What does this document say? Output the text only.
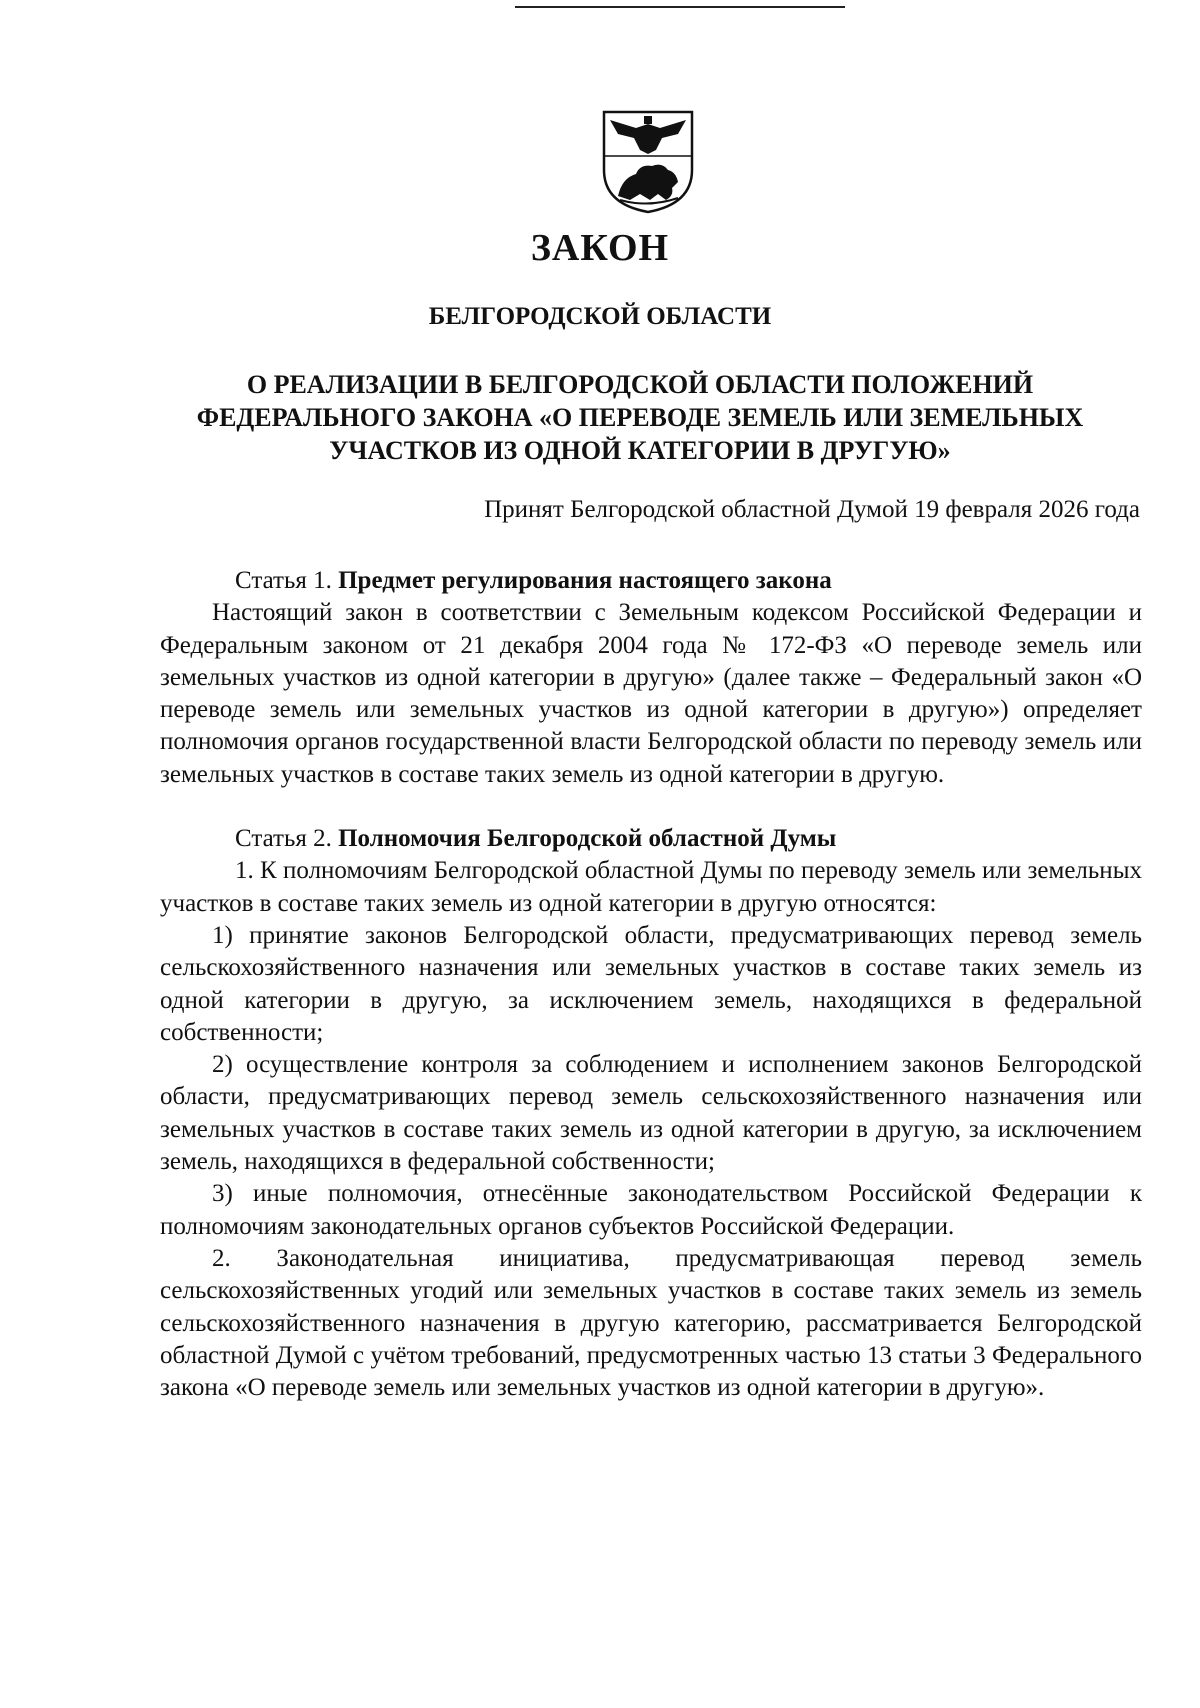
ЗАКОН
БЕЛГОРОДСКОЙ ОБЛАСТИ
О РЕАЛИЗАЦИИ В БЕЛГОРОДСКОЙ ОБЛАСТИ ПОЛОЖЕНИЙ ФЕДЕРАЛЬНОГО ЗАКОНА «О ПЕРЕВОДЕ ЗЕМЕЛЬ ИЛИ ЗЕМЕЛЬНЫХ УЧАСТКОВ ИЗ ОДНОЙ КАТЕГОРИИ В ДРУГУЮ»
Принят Белгородской областной Думой 19 февраля 2026 года

Статья 1. Предмет регулирования настоящего закона

Настоящий закон в соответствии с Земельным кодексом Российской Федерации и Федеральным законом от 21 декабря 2004 года № 172-ФЗ «О переводе земель или земельных участков из одной категории в другую» (далее также – Федеральный закон «О переводе земель или земельных участков из одной категории в другую») определяет полномочия органов государственной власти Белгородской области по переводу земель или земельных участков в составе таких земель из одной категории в другую.

Статья 2. Полномочия Белгородской областной Думы

1. К полномочиям Белгородской областной Думы по переводу земель или земельных участков в составе таких земель из одной категории в другую относятся:

1) принятие законов Белгородской области, предусматривающих перевод земель сельскохозяйственного назначения или земельных участков в составе таких земель из одной категории в другую, за исключением земель, находящихся в федеральной собственности;

2) осуществление контроля за соблюдением и исполнением законов Белгородской области, предусматривающих перевод земель сельскохозяйственного назначения или земельных участков в составе таких земель из одной категории в другую, за исключением земель, находящихся в федеральной собственности;

3) иные полномочия, отнесённые законодательством Российской Федерации к полномочиям законодательных органов субъектов Российской Федерации.

2. Законодательная инициатива, предусматривающая перевод земель сельскохозяйственных угодий или земельных участков в составе таких земель из земель сельскохозяйственного назначения в другую категорию, рассматривается Белгородской областной Думой с учётом требований, предусмотренных частью 13 статьи 3 Федерального закона «О переводе земель или земельных участков из одной категории в другую».
